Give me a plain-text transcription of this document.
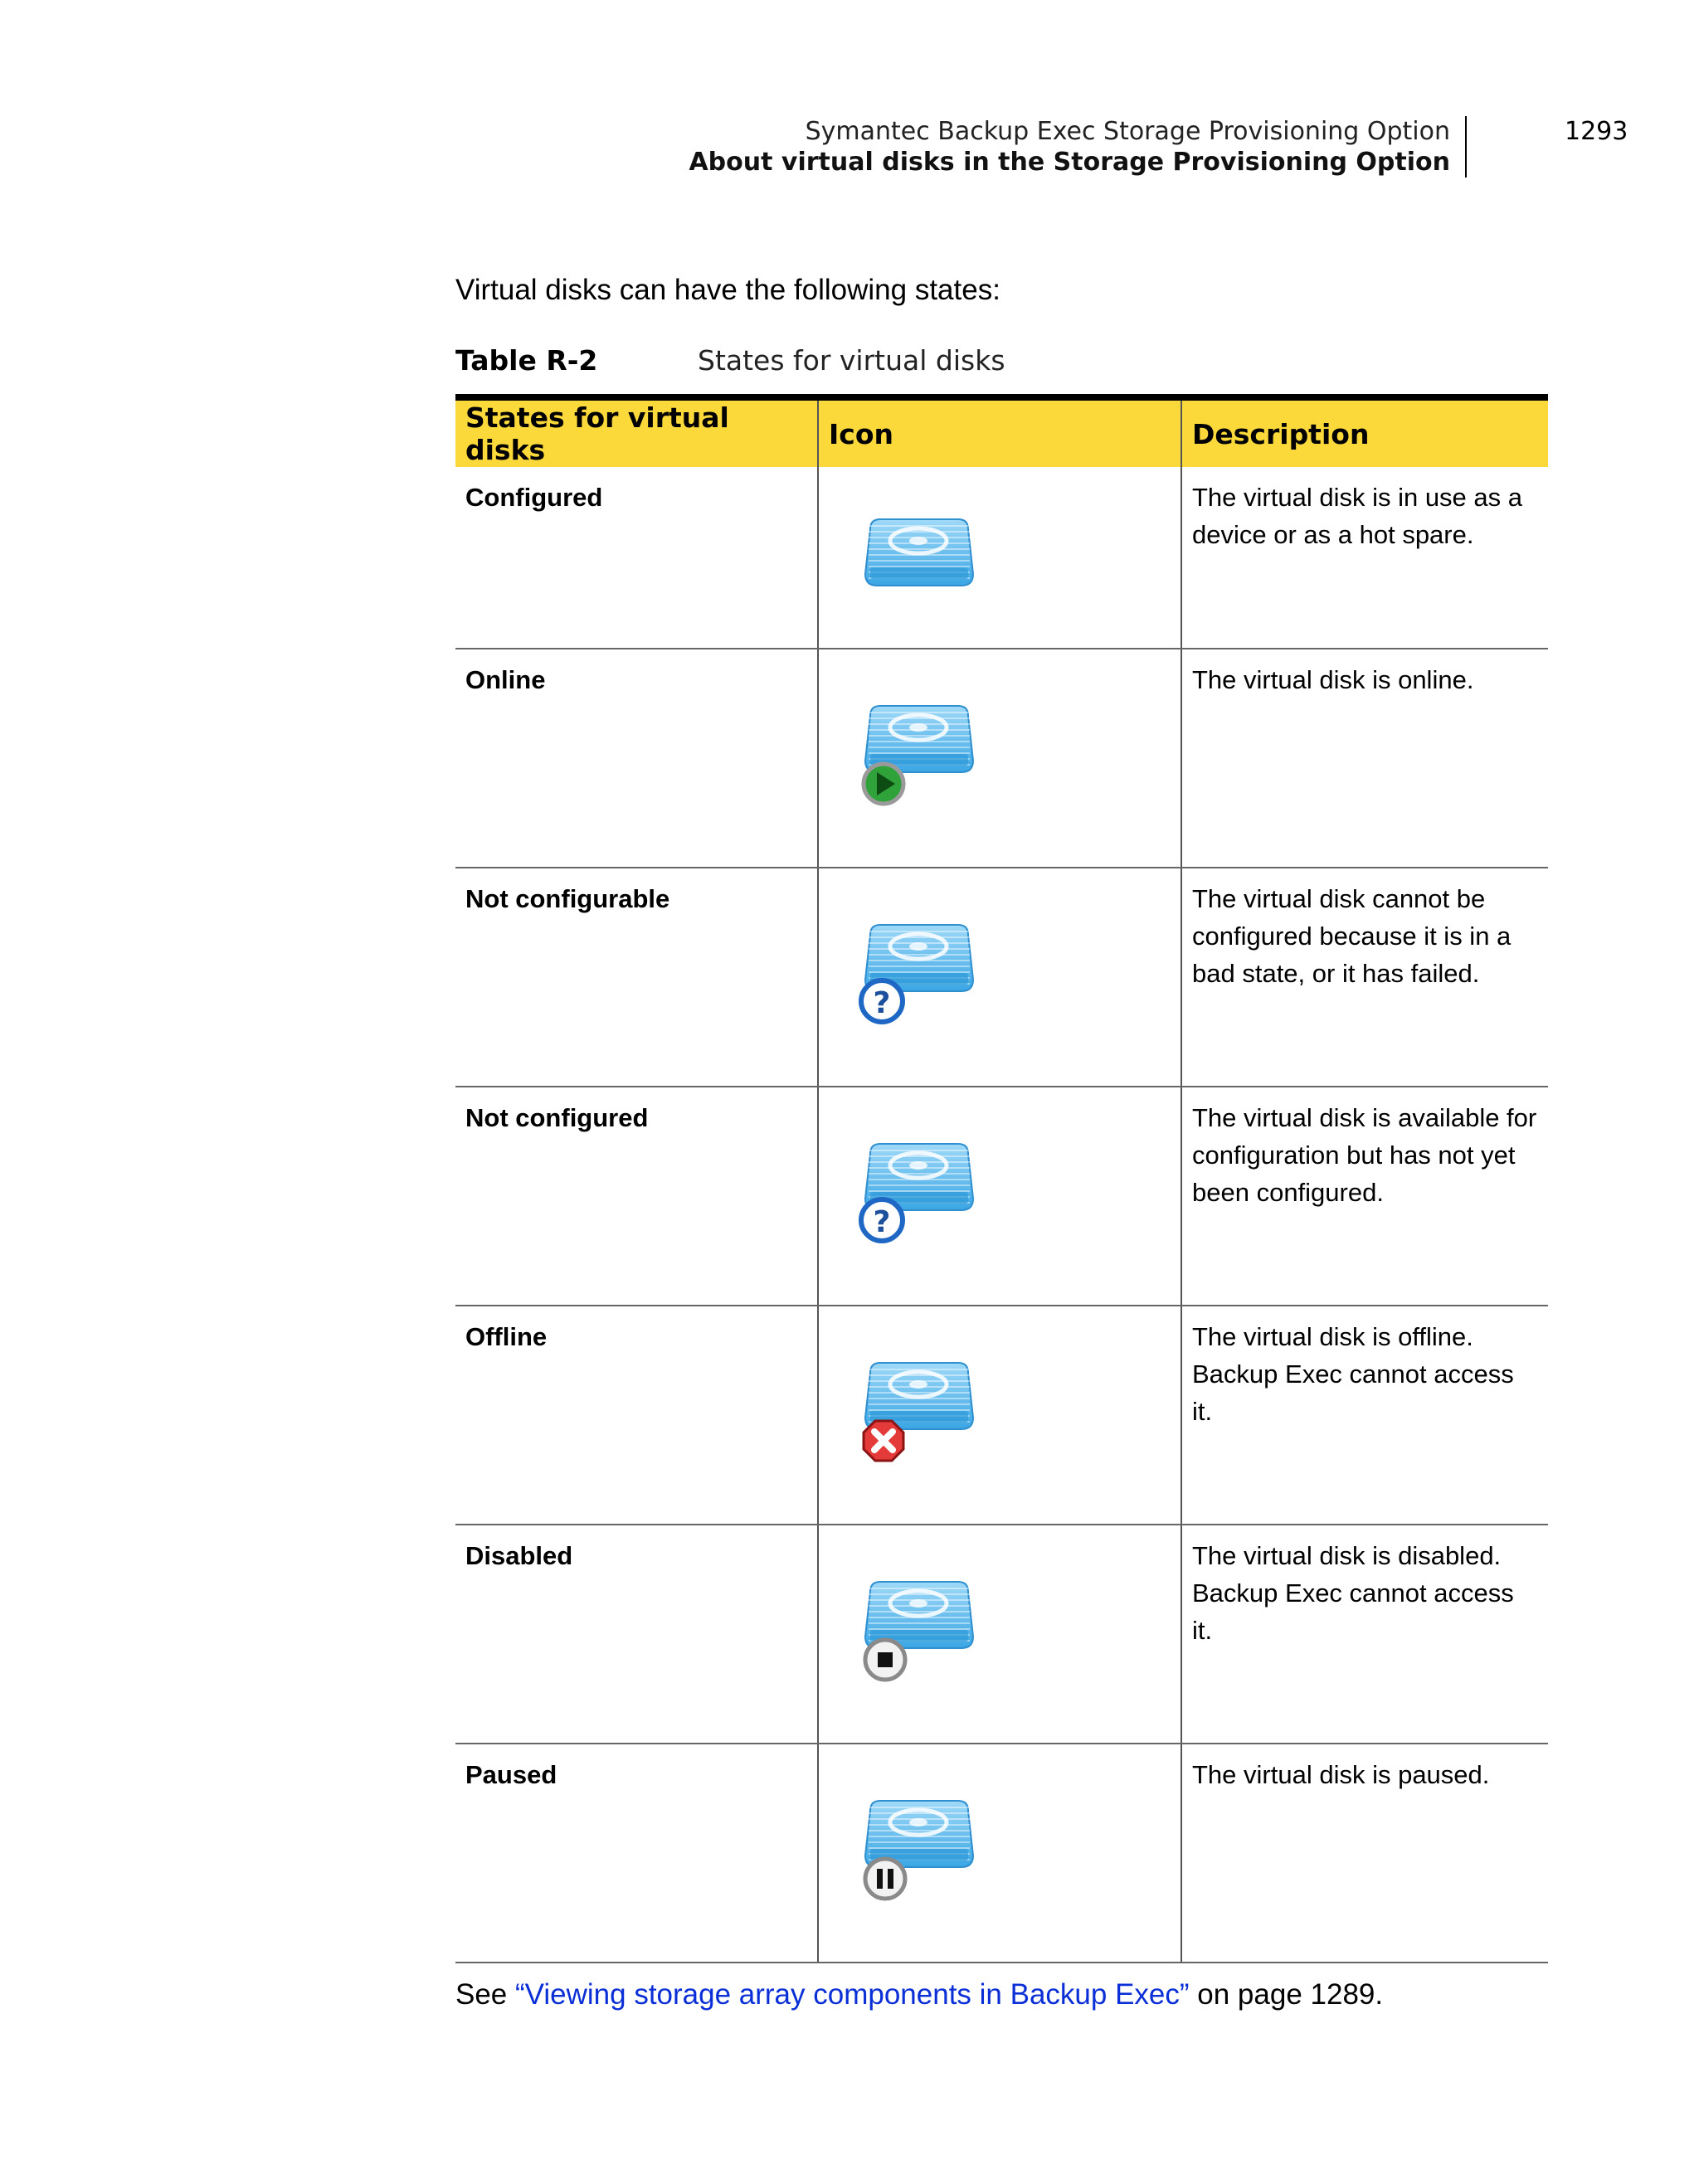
Symantec Backup Exec Storage Provisioning Option
About virtual disks in the Storage Provisioning Option
1293
Virtual disks can have the following states:
Table R-2	States for virtual disks
States for virtual disks	Icon	Description
Configured		The virtual disk is in use as a device or as a hot spare.
Online		The virtual disk is online.
Not configurable	?	The virtual disk cannot be configured because it is in a bad state, or it has failed.
Not configured	?	The virtual disk is available for configuration but has not yet been configured.
Offline		The virtual disk is offline. Backup Exec cannot access it.
Disabled		The virtual disk is disabled. Backup Exec cannot access it.
Paused		The virtual disk is paused.
See “Viewing storage array components in Backup Exec” on page 1289.
